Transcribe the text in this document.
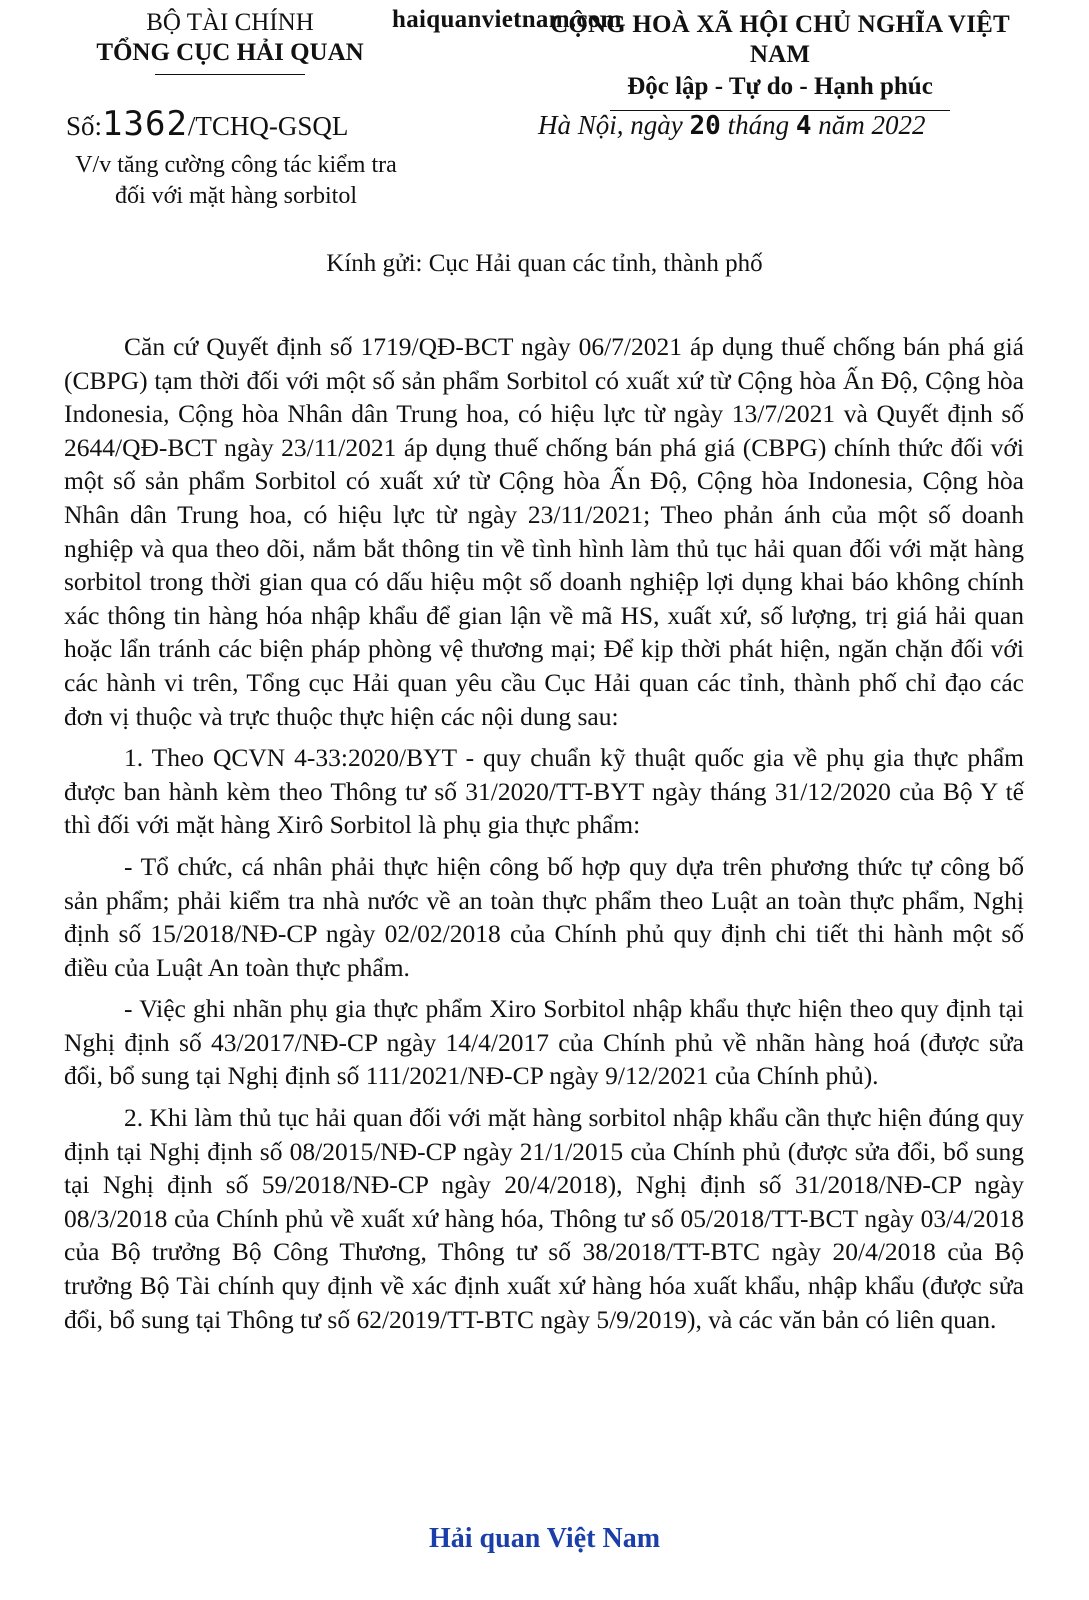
BỘ TÀI CHÍNH
TỔNG CỤC HẢI QUAN
CỘNG HOÀ XÃ HỘI CHỦ NGHĨA VIỆT NAM
Độc lập - Tự do - Hạnh phúc
haiquanvietnam.com
Số:1362/TCHQ-GSQL	Hà Nội, ngày 20 tháng 4 năm 2022
V/v tăng cường công tác kiểm tra
đối với mặt hàng sorbitol
Kính gửi: Cục Hải quan các tỉnh, thành phố

Căn cứ Quyết định số 1719/QĐ-BCT ngày 06/7/2021 áp dụng thuế chống bán phá giá (CBPG) tạm thời đối với một số sản phẩm Sorbitol có xuất xứ từ Cộng hòa Ấn Độ, Cộng hòa Indonesia, Cộng hòa Nhân dân Trung hoa, có hiệu lực từ ngày 13/7/2021 và Quyết định số 2644/QĐ-BCT ngày 23/11/2021 áp dụng thuế chống bán phá giá (CBPG) chính thức đối với một số sản phẩm Sorbitol có xuất xứ từ Cộng hòa Ấn Độ, Cộng hòa Indonesia, Cộng hòa Nhân dân Trung hoa, có hiệu lực từ ngày 23/11/2021; Theo phản ánh của một số doanh nghiệp và qua theo dõi, nắm bắt thông tin về tình hình làm thủ tục hải quan đối với mặt hàng sorbitol trong thời gian qua có dấu hiệu một số doanh nghiệp lợi dụng khai báo không chính xác thông tin hàng hóa nhập khẩu để gian lận về mã HS, xuất xứ, số lượng, trị giá hải quan hoặc lẩn tránh các biện pháp phòng vệ thương mại; Để kịp thời phát hiện, ngăn chặn đối với các hành vi trên, Tổng cục Hải quan yêu cầu Cục Hải quan các tỉnh, thành phố chỉ đạo các đơn vị thuộc và trực thuộc thực hiện các nội dung sau:

1. Theo QCVN 4-33:2020/BYT - quy chuẩn kỹ thuật quốc gia về phụ gia thực phẩm được ban hành kèm theo Thông tư số 31/2020/TT-BYT ngày tháng 31/12/2020 của Bộ Y tế thì đối với mặt hàng Xirô Sorbitol là phụ gia thực phẩm:

- Tổ chức, cá nhân phải thực hiện công bố hợp quy dựa trên phương thức tự công bố sản phẩm; phải kiểm tra nhà nước về an toàn thực phẩm theo Luật an toàn thực phẩm, Nghị định số 15/2018/NĐ-CP ngày 02/02/2018 của Chính phủ quy định chi tiết thi hành một số điều của Luật An toàn thực phẩm.

- Việc ghi nhãn phụ gia thực phẩm Xiro Sorbitol nhập khẩu thực hiện theo quy định tại Nghị định số 43/2017/NĐ-CP ngày 14/4/2017 của Chính phủ về nhãn hàng hoá (được sửa đổi, bổ sung tại Nghị định số 111/2021/NĐ-CP ngày 9/12/2021 của Chính phủ).

2. Khi làm thủ tục hải quan đối với mặt hàng sorbitol nhập khẩu cần thực hiện đúng quy định tại Nghị định số 08/2015/NĐ-CP ngày 21/1/2015 của Chính phủ (được sửa đổi, bổ sung tại Nghị định số 59/2018/NĐ-CP ngày 20/4/2018), Nghị định số 31/2018/NĐ-CP ngày 08/3/2018 của Chính phủ về xuất xứ hàng hóa, Thông tư số 05/2018/TT-BCT ngày 03/4/2018 của Bộ trưởng Bộ Công Thương, Thông tư số 38/2018/TT-BTC ngày 20/4/2018 của Bộ trưởng Bộ Tài chính quy định về xác định xuất xứ hàng hóa xuất khẩu, nhập khẩu (được sửa đổi, bổ sung tại Thông tư số 62/2019/TT-BTC ngày 5/9/2019), và các văn bản có liên quan.

Hải quan Việt Nam
